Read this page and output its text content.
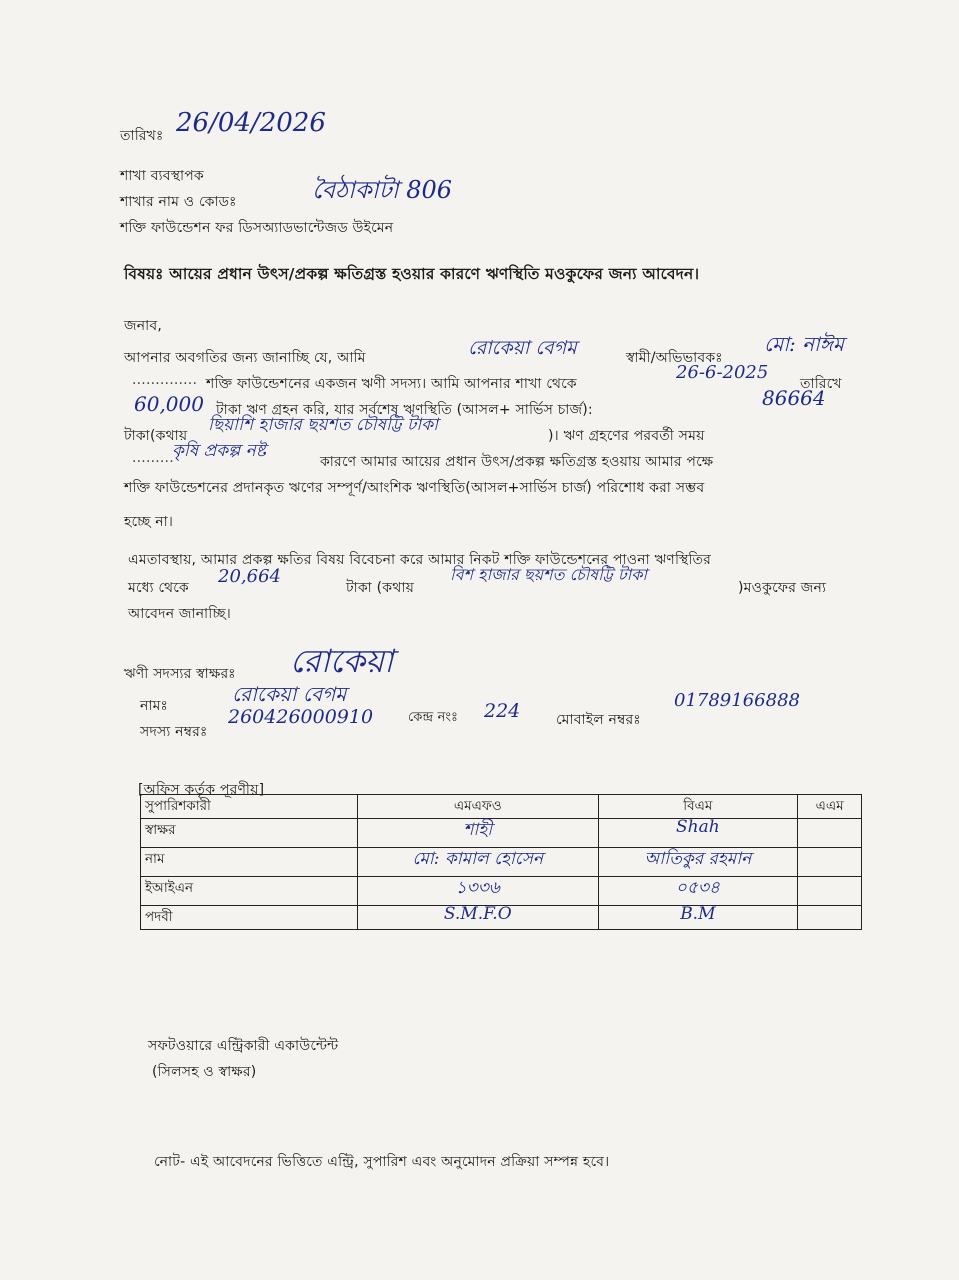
তারিখঃ 26/04/2026
শাখা ব্যবস্থাপক
শাখার নাম ও কোডঃ	বৈঠাকাটা 806
শক্তি ফাউন্ডেশন ফর ডিসঅ্যাডভান্টেজড উইমেন
বিষয়ঃ আয়ের প্রধান উৎস/প্রকল্প ক্ষতিগ্রস্ত হওয়ার কারণে ঋণস্থিতি মওকুফের জন্য আবেদন।
জনাব,
আপনার অবগতির জন্য জানাচ্ছি যে, আমি	রোকেয়া বেগম	স্বামী/অভিভাবকঃ
মো: নাঈম
.............. শক্তি ফাউন্ডেশনের একজন ঋণী সদস্য। আমি আপনার শাখা থেকে
26-6-2025
তারিখে
60,000 টাকা ঋণ গ্রহন করি, যার সর্বশেষ ঋণস্থিতি (আসল+ সার্ভিস চার্জ):	86664
টাকা(কথায়
ছিয়াশি হাজার ছয়শত চৌষট্টি টাকা
)। ঋণ গ্রহণের পরবর্তী সময়
.........
কৃষি প্রকল্প নষ্ট
কারণে আমার আয়ের প্রধান উৎস/প্রকল্প ক্ষতিগ্রস্ত হওয়ায় আমার পক্ষে
শক্তি ফাউন্ডেশনের প্রদানকৃত ঋণের সম্পূর্ণ/আংশিক ঋণস্থিতি(আসল+সার্ভিস চার্জ) পরিশোধ করা সম্ভব
হচ্ছে না।
এমতাবস্থায়, আমার প্রকল্প ক্ষতির বিষয় বিবেচনা করে আমার নিকট শক্তি ফাউন্ডেশনের পাওনা ঋণস্থিতির
মধ্যে থেকে
20,664
টাকা (কথায়
বিশ হাজার ছয়শত চৌষট্টি টাকা
)মওকুফের জন্য
আবেদন জানাচ্ছি।
ঋণী সদস্যর স্বাক্ষরঃ রোকেয়া
নামঃ	রোকেয়া বেগম
সদস্য নম্বরঃ
260426000910	কেন্দ্র নংঃ 224	মোবাইল নম্বরঃ
01789166888
[অফিস কর্তৃক পূরণীয়]
সুপারিশকারী	এমএফও	বিএম	এএম
স্বাক্ষর	শাহী	Shah	
নাম	মো: কামাল হোসেন	আতিকুর রহমান	
ইআইএন	১৩৩৬	০৫৩৪	
পদবী	S.M.F.O	B.M	
সফটওয়ারে এন্ট্রিকারী একাউন্টেন্ট
(সিলসহ ও স্বাক্ষর)
নোট- এই আবেদনের ভিত্তিতে এন্ট্রি, সুপারিশ এবং অনুমোদন প্রক্রিয়া সম্পন্ন হবে।
